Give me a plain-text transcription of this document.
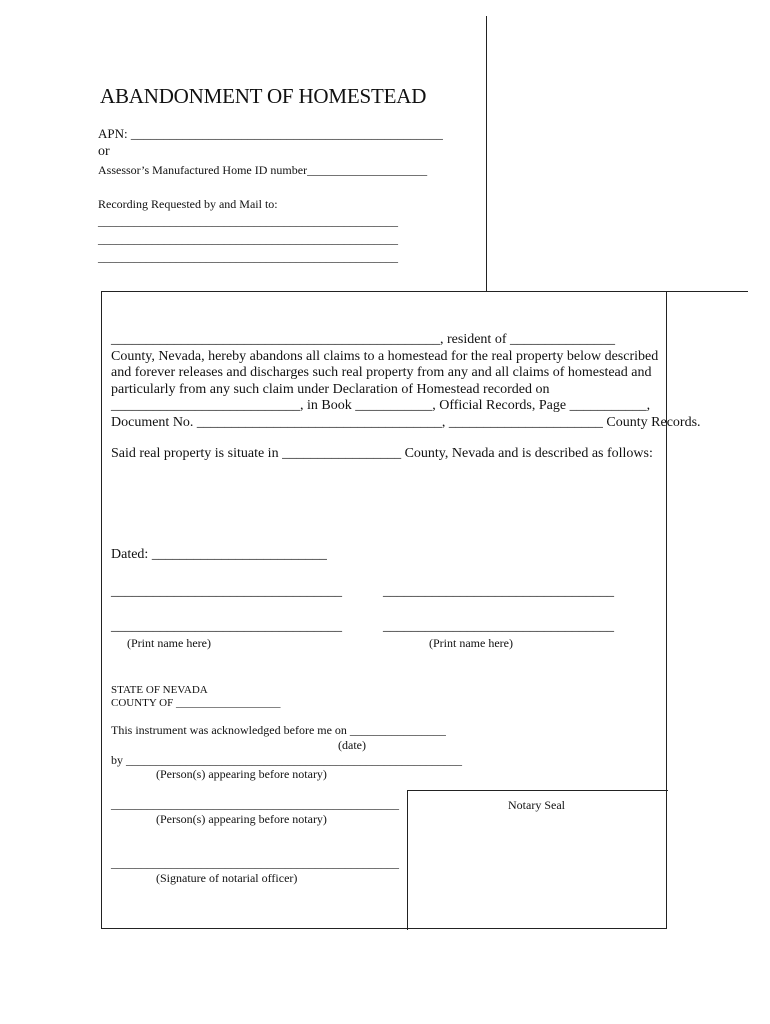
Notary Seal
ABANDONMENT OF HOMESTEAD
APN: ________________________________________________
or
Assessor’s Manufactured Home ID number____________________
Recording Requested by and Mail to:
__________________________________________________
__________________________________________________
__________________________________________________
_______________________________________________, resident of _______________
County, Nevada, hereby abandons all claims to a homestead for the real property below described
and forever releases and discharges such real property from any and all claims of homestead and
particularly from any such claim under Declaration of Homestead recorded on
___________________________, in Book ___________, Official Records, Page ___________,
Document No. ___________________________________, ______________________ County Records.
Said real property is situate in _________________ County, Nevada and is described as follows:
Dated: _________________________
_________________________________	_________________________________
_________________________________	_________________________________
(Print name here)	(Print name here)
STATE OF NEVADA
COUNTY OF ___________________
This instrument was acknowledged before me on ________________
(date)
by ________________________________________________________
(Person(s) appearing before notary)
________________________________________________
(Person(s) appearing before notary)
________________________________________________
(Signature of notarial officer)
